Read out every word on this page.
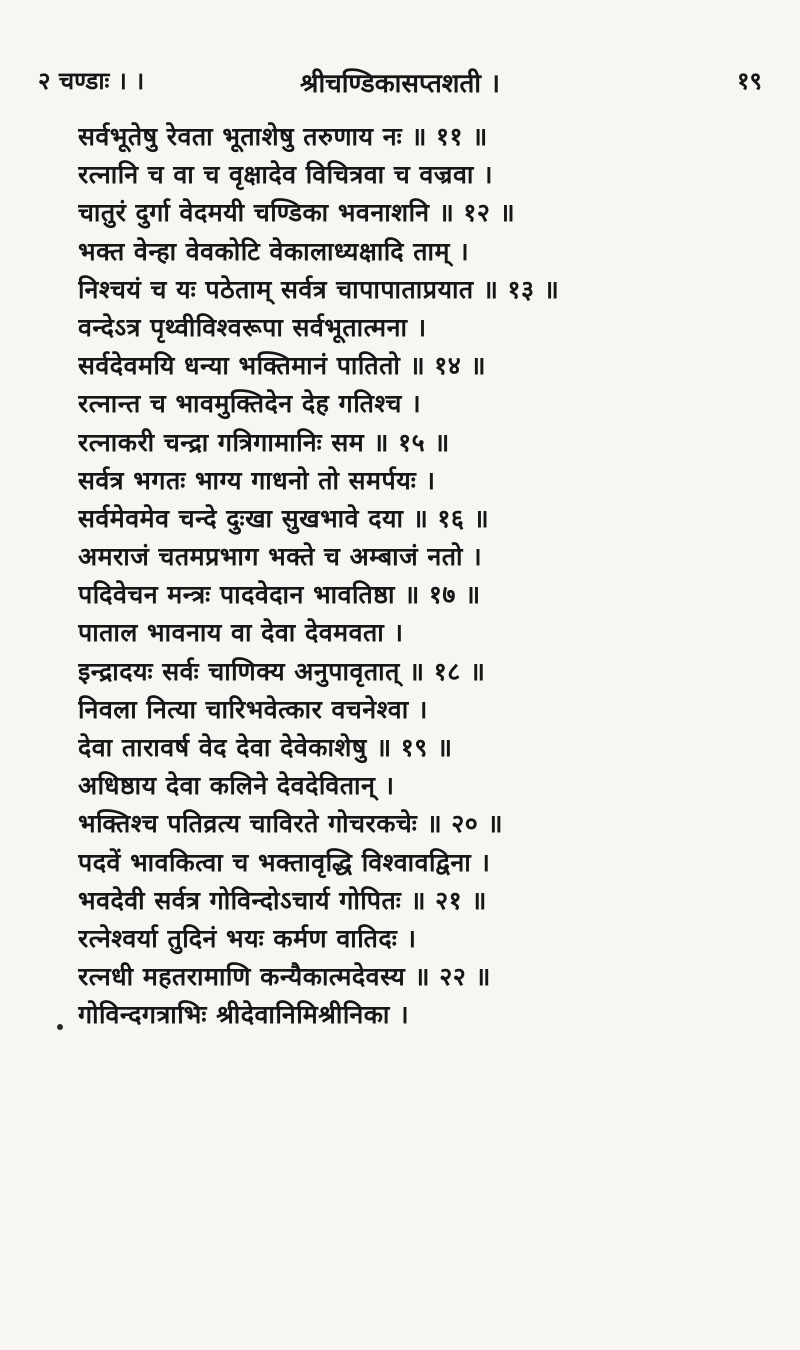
२ चण्डाः । ।	श्रीचण्डिकासप्तशती ।	१९
सर्वभूतेषु रेवता भूताशेषु तरुणाय नः ॥ ११ ॥
रत्नानि च वा च वृक्षादेव विचित्रवा च वज्रवा ।
चातुरं दुर्गा वेदमयी चण्डिका भवनाशनि ॥ १२ ॥
भक्त वेन्हा वेवकोटि वेकालाध्यक्षादि ताम् ।
निश्चयं च यः पठेताम् सर्वत्र चापापाताप्रयात ॥ १३ ॥
वन्देऽत्र पृथ्वीविश्वरूपा सर्वभूतात्मना ।
सर्वदेवमयि धन्या भक्तिमानं पातितो ॥ १४ ॥
रत्नान्त च भावमुक्तिदेन देह गतिश्च ।
रत्नाकरी चन्द्रा गत्रिगामानिः सम ॥ १५ ॥
सर्वत्र भगतः भाग्य गाधनो तो समर्पयः ।
सर्वमेवमेव चन्दे दुःखा सुखभावे दया ॥ १६ ॥
अमराजं चतमप्रभाग भक्ते च अम्बाजं नतो ।
पदिवेचन मन्त्रः पादवेदान भावतिष्ठा ॥ १७ ॥
पाताल भावनाय वा देवा देवमवता ।
इन्द्रादयः सर्वः चाणिक्य अनुपावृतात् ॥ १८ ॥
निवला नित्या चारिभवेत्कार वचनेश्वा ।
देवा तारावर्ष वेद देवा देवेकाशेषु ॥ १९ ॥
अधिष्ठाय देवा कलिने देवदेवितान् ।
भक्तिश्च पतिव्रत्य चाविरते गोचरकचेः ॥ २० ॥
पदवें भावकित्वा च भक्तावृद्धि विश्वावद्विना ।
भवदेवी सर्वत्र गोविन्दोऽचार्य गोपितः ॥ २१ ॥
रत्नेश्वर्या तुदिनं भयः कर्मण वातिदः ।
रत्नधी महतरामाणि कन्यैकात्मदेवस्य ॥ २२ ॥
गोविन्दगत्राभिः श्रीदेवानिमिश्रीनिका ।
